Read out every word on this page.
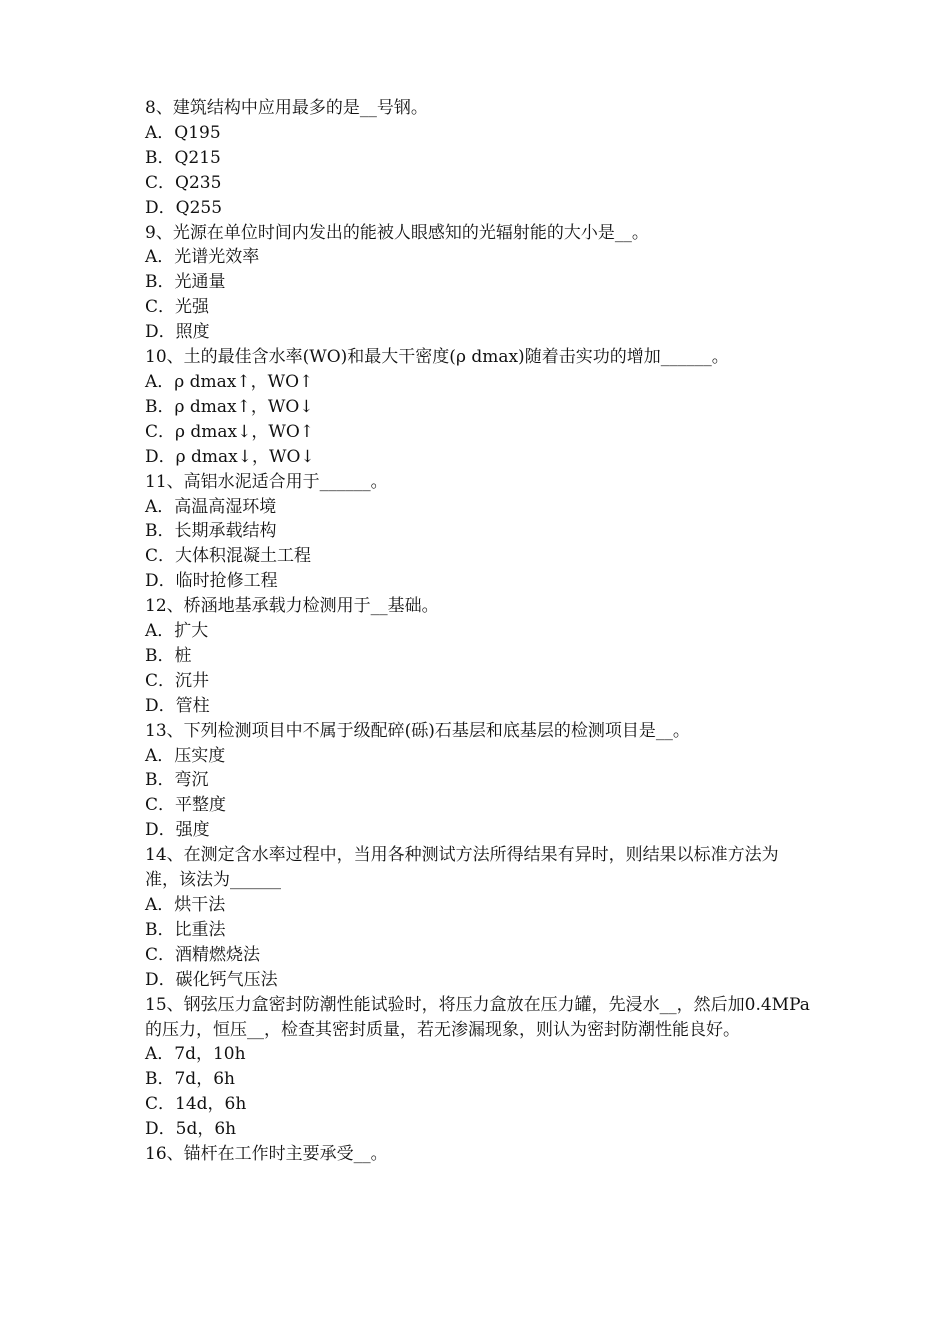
8、建筑结构中应用最多的是__号钢。

A．Q195

B．Q215

C．Q235

D．Q255

9、光源在单位时间内发出的能被人眼感知的光辐射能的大小是__。

A．光谱光效率

B．光通量

C．光强

D．照度

10、土的最佳含水率(WO)和最大干密度(ρ dmax)随着击实功的增加______。

A．ρ dmax↑，WO↑

B．ρ dmax↑，WO↓

C．ρ dmax↓，WO↑

D．ρ dmax↓，WO↓

11、高铝水泥适合用于______。

A．高温高湿环境

B．长期承载结构

C．大体积混凝土工程

D．临时抢修工程

12、桥涵地基承载力检测用于__基础。

A．扩大

B．桩

C．沉井

D．管柱

13、下列检测项目中不属于级配碎(砾)石基层和底基层的检测项目是__。

A．压实度

B．弯沉

C．平整度

D．强度

14、在测定含水率过程中，当用各种测试方法所得结果有异时，则结果以标准方法为准，该法为______

A．烘干法

B．比重法

C．酒精燃烧法

D．碳化钙气压法

15、钢弦压力盒密封防潮性能试验时，将压力盒放在压力罐，先浸水__，然后加0.4MPa 的压力，恒压__，检查其密封质量，若无渗漏现象，则认为密封防潮性能良好。

A．7d，10h

B．7d，6h

C．14d，6h

D．5d，6h

16、锚杆在工作时主要承受__。
